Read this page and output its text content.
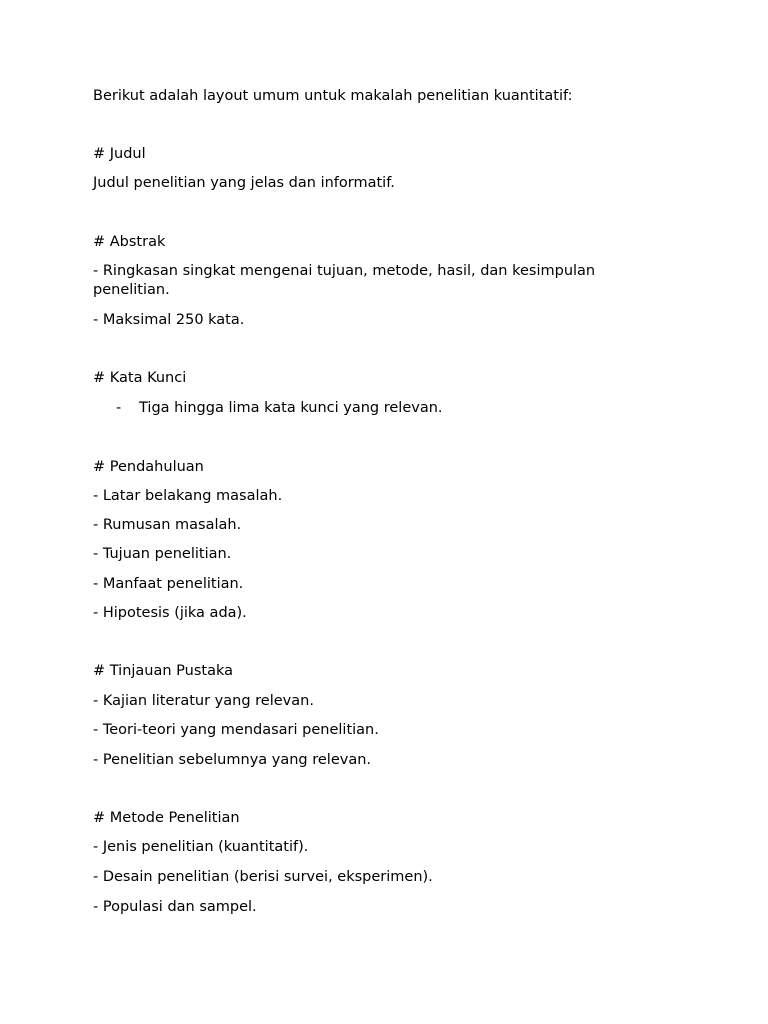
Berikut adalah layout umum untuk makalah penelitian kuantitatif:
# Judul
Judul penelitian yang jelas dan informatif.
# Abstrak
- Ringkasan singkat mengenai tujuan, metode, hasil, dan kesimpulan penelitian.
- Maksimal 250 kata.
# Kata Kunci
- Tiga hingga lima kata kunci yang relevan.
# Pendahuluan
- Latar belakang masalah.
- Rumusan masalah.
- Tujuan penelitian.
- Manfaat penelitian.
- Hipotesis (jika ada).
# Tinjauan Pustaka
- Kajian literatur yang relevan.
- Teori-teori yang mendasari penelitian.
- Penelitian sebelumnya yang relevan.
# Metode Penelitian
- Jenis penelitian (kuantitatif).
- Desain penelitian (berisi survei, eksperimen).
- Populasi dan sampel.
